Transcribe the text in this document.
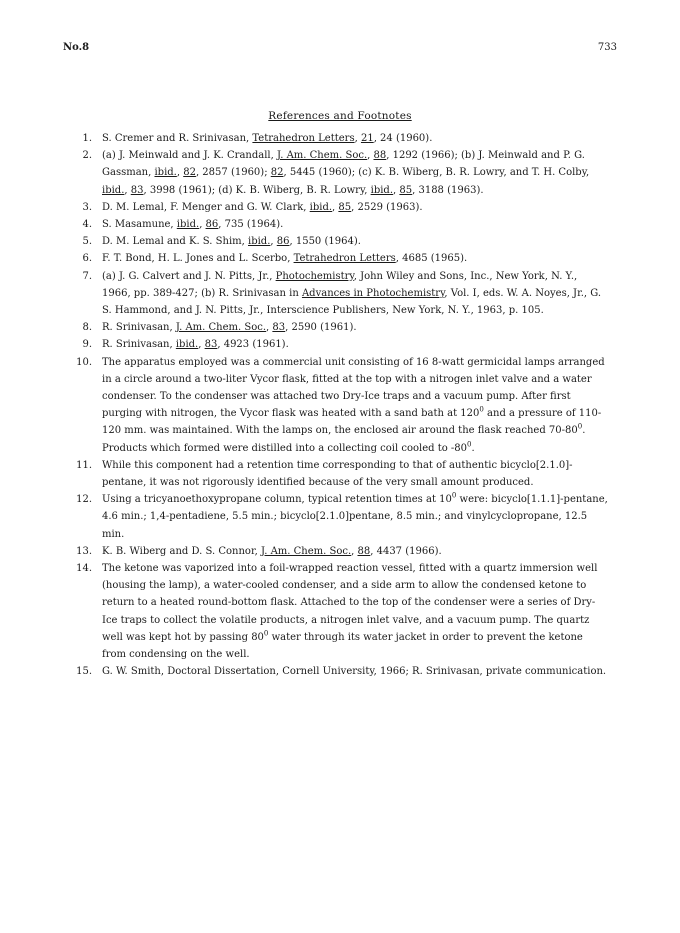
No.8	733
References and Footnotes
1.	S. Cremer and R. Srinivasan, Tetrahedron Letters, 21, 24 (1960).
2.	(a) J. Meinwald and J. K. Crandall, J. Am. Chem. Soc., 88, 1292 (1966); (b) J. Meinwald and P. G. Gassman, ibid., 82, 2857 (1960); 82, 5445 (1960); (c) K. B. Wiberg, B. R. Lowry, and T. H. Colby, ibid., 83, 3998 (1961); (d) K. B. Wiberg, B. R. Lowry, ibid., 85, 3188 (1963).
3.	D. M. Lemal, F. Menger and G. W. Clark, ibid., 85, 2529 (1963).
4.	S. Masamune, ibid., 86, 735 (1964).
5.	D. M. Lemal and K. S. Shim, ibid., 86, 1550 (1964).
6.	F. T. Bond, H. L. Jones and L. Scerbo, Tetrahedron Letters, 4685 (1965).
7.	(a) J. G. Calvert and J. N. Pitts, Jr., Photochemistry, John Wiley and Sons, Inc., New York, N. Y., 1966, pp. 389-427; (b) R. Srinivasan in Advances in Photochemistry, Vol. I, eds. W. A. Noyes, Jr., G. S. Hammond, and J. N. Pitts, Jr., Interscience Publishers, New York, N. Y., 1963, p. 105.
8.	R. Srinivasan, J. Am. Chem. Soc., 83, 2590 (1961).
9.	R. Srinivasan, ibid., 83, 4923 (1961).
10.	The apparatus employed was a commercial unit consisting of 16 8-watt germicidal lamps arranged in a circle around a two-liter Vycor flask, fitted at the top with a nitrogen inlet valve and a water condenser. To the condenser was attached two Dry-Ice traps and a vacuum pump. After first purging with nitrogen, the Vycor flask was heated with a sand bath at $120^0$ and a pressure of 110-120 mm. was maintained. With the lamps on, the enclosed air around the flask reached $70-80^0$. Products which formed were distilled into a collecting coil cooled to $-80^0$.
11.	While this component had a retention time corresponding to that of authentic bicyclo[2.1.0]-pentane, it was not rigorously identified because of the very small amount produced.
12.	Using a tricyanoethoxypropane column, typical retention times at $10^0$ were: bicyclo[1.1.1]-pentane, 4.6 min.; 1,4-pentadiene, 5.5 min.; bicyclo[2.1.0]pentane, 8.5 min.; and vinylcyclopropane, 12.5 min.
13.	K. B. Wiberg and D. S. Connor, J. Am. Chem. Soc., 88, 4437 (1966).
14.	The ketone was vaporized into a foil-wrapped reaction vessel, fitted with a quartz immersion well (housing the lamp), a water-cooled condenser, and a side arm to allow the condensed ketone to return to a heated round-bottom flask. Attached to the top of the condenser were a series of Dry-Ice traps to collect the volatile products, a nitrogen inlet valve, and a vacuum pump. The quartz well was kept hot by passing $80^0$ water through its water jacket in order to prevent the ketone from condensing on the well.
15.	G. W. Smith, Doctoral Dissertation, Cornell University, 1966; R. Srinivasan, private communication.
